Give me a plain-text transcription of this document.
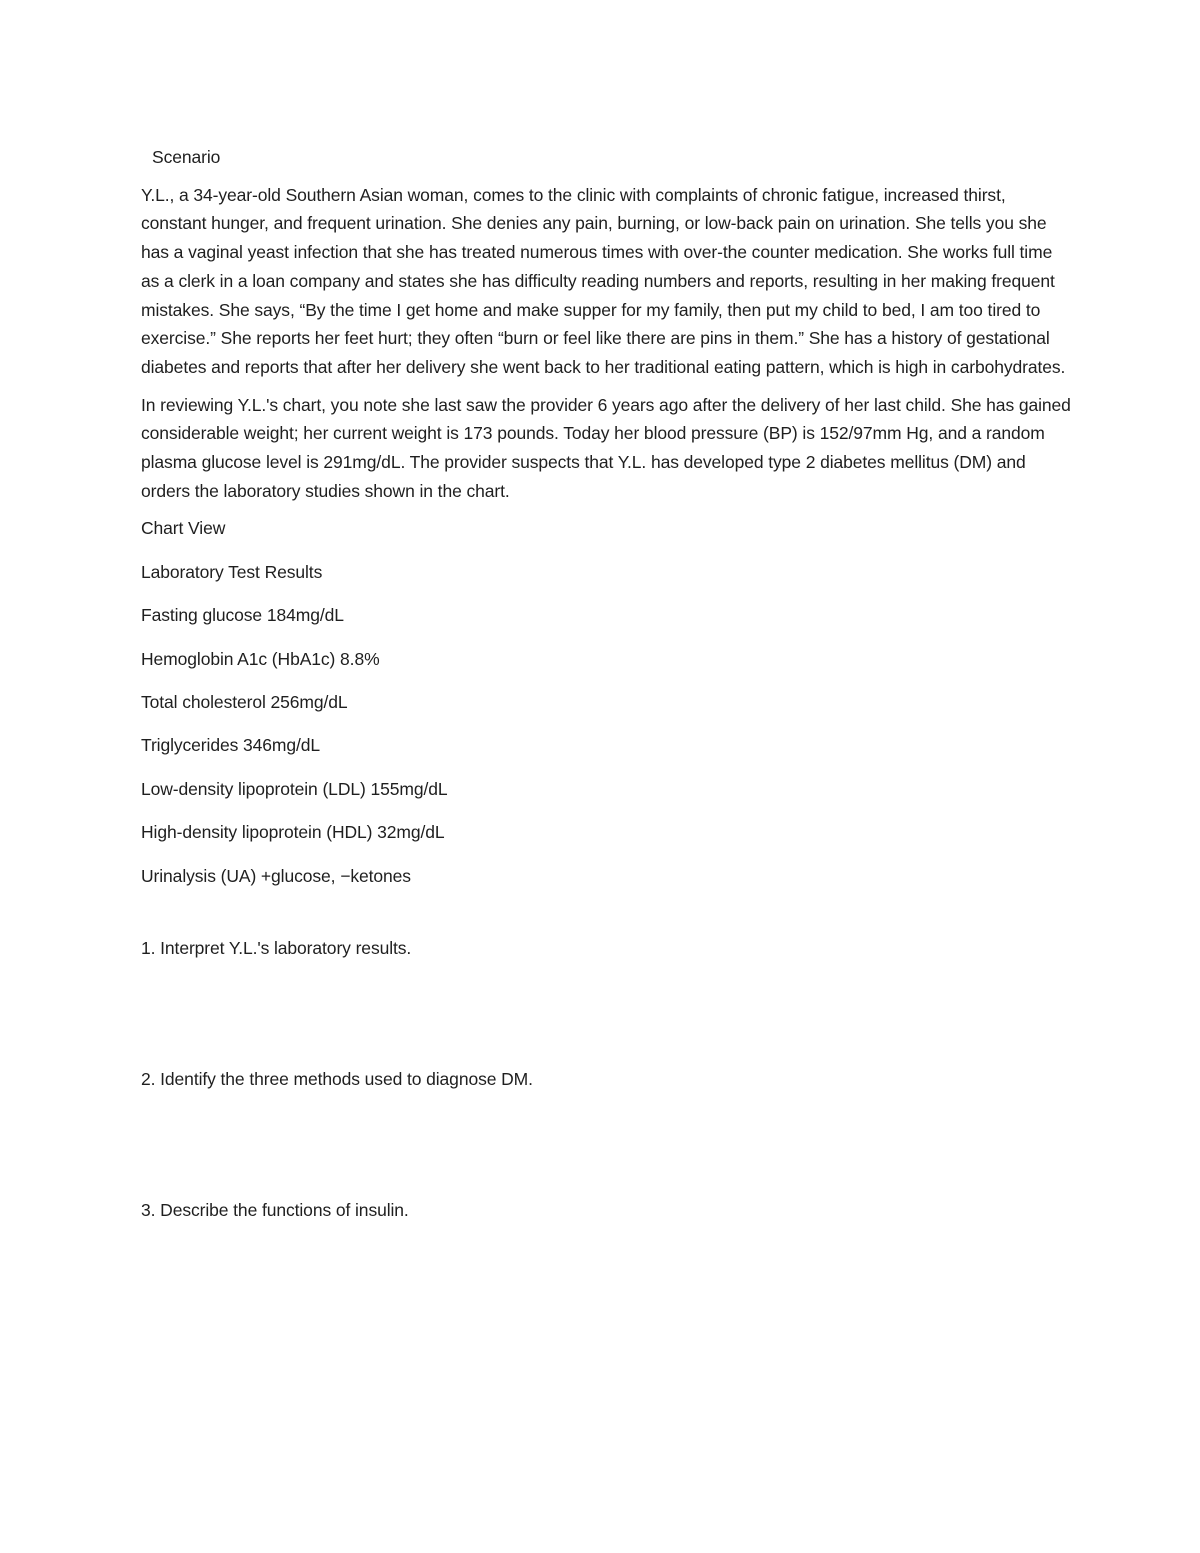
Scenario

Y.L., a 34-year-old Southern Asian woman, comes to the clinic with complaints of chronic fatigue, increased thirst, constant hunger, and frequent urination. She denies any pain, burning, or low-back pain on urination. She tells you she has a vaginal yeast infection that she has treated numerous times with over-the counter medication. She works full time as a clerk in a loan company and states she has difficulty reading numbers and reports, resulting in her making frequent mistakes. She says, “By the time I get home and make supper for my family, then put my child to bed, I am too tired to exercise.” She reports her feet hurt; they often “burn or feel like there are pins in them.” She has a history of gestational diabetes and reports that after her delivery she went back to her traditional eating pattern, which is high in carbohydrates.

In reviewing Y.L.'s chart, you note she last saw the provider 6 years ago after the delivery of her last child. She has gained considerable weight; her current weight is 173 pounds. Today her blood pressure (BP) is 152/97mm Hg, and a random plasma glucose level is 291mg/dL. The provider suspects that Y.L. has developed type 2 diabetes mellitus (DM) and orders the laboratory studies shown in the chart.

Chart View
Laboratory Test Results
Fasting glucose 184mg/dL
Hemoglobin A1c (HbA1c) 8.8%
Total cholesterol 256mg/dL
Triglycerides 346mg/dL
Low-density lipoprotein (LDL) 155mg/dL
High-density lipoprotein (HDL) 32mg/dL
Urinalysis (UA) +glucose, −ketones
1. Interpret Y.L.'s laboratory results.
2. Identify the three methods used to diagnose DM.
3. Describe the functions of insulin.
